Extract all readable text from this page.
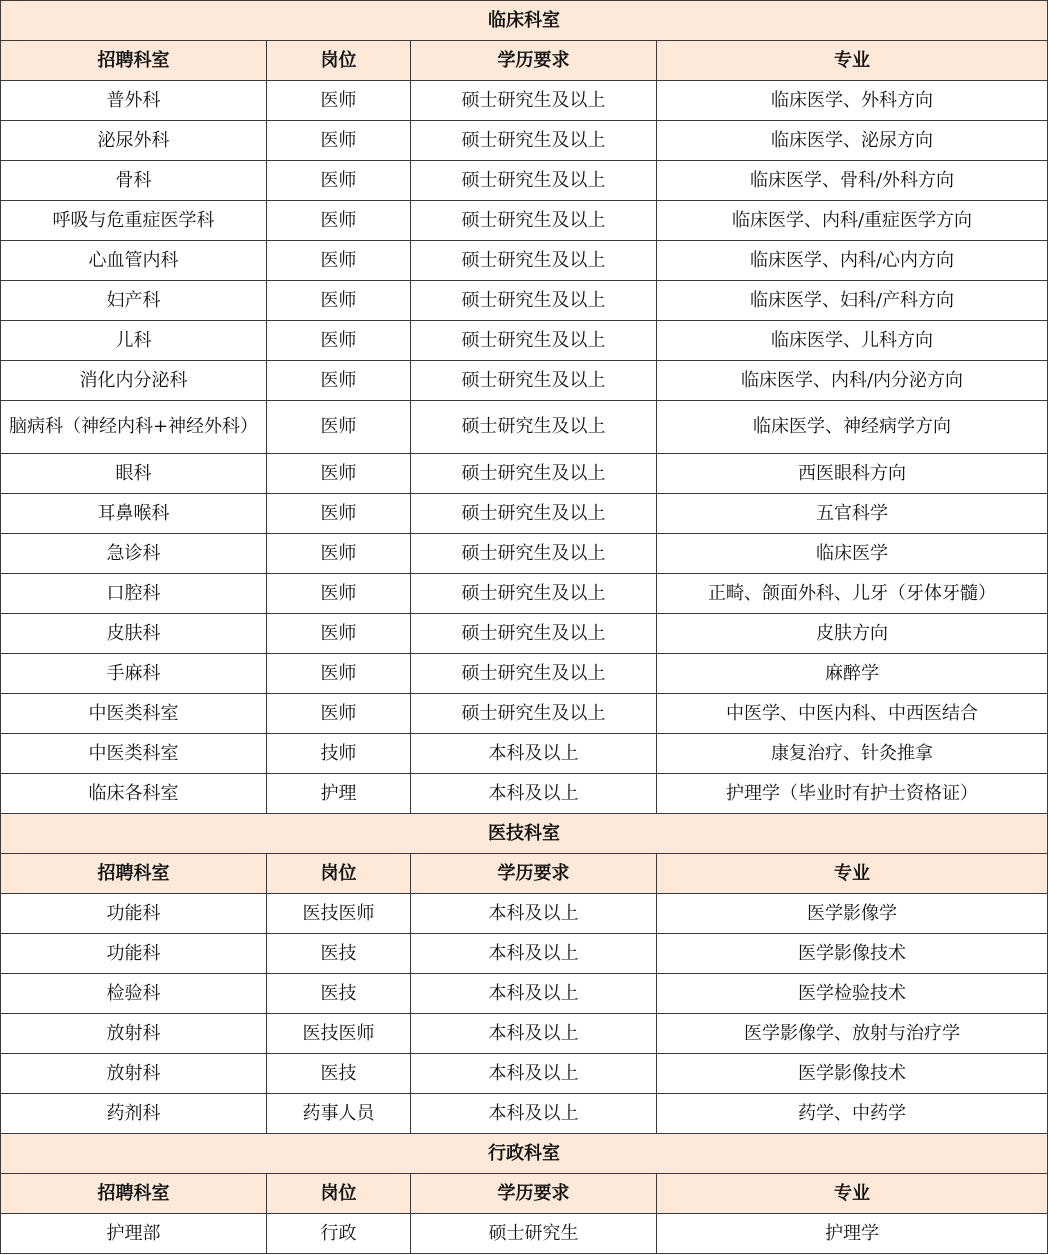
临床科室			
招聘科室	岗位	学历要求	专业
普外科	医师	硕士研究生及以上	临床医学、外科方向
泌尿外科	医师	硕士研究生及以上	临床医学、泌尿方向
骨科	医师	硕士研究生及以上	临床医学、骨科/外科方向
呼吸与危重症医学科	医师	硕士研究生及以上	临床医学、内科/重症医学方向
心血管内科	医师	硕士研究生及以上	临床医学、内科/心内方向
妇产科	医师	硕士研究生及以上	临床医学、妇科/产科方向
儿科	医师	硕士研究生及以上	临床医学、儿科方向
消化内分泌科	医师	硕士研究生及以上	临床医学、内科/内分泌方向
脑病科（神经内科+神经外科）	医师	硕士研究生及以上	临床医学、神经病学方向
眼科	医师	硕士研究生及以上	西医眼科方向
耳鼻喉科	医师	硕士研究生及以上	五官科学
急诊科	医师	硕士研究生及以上	临床医学
口腔科	医师	硕士研究生及以上	正畸、颌面外科、儿牙（牙体牙髓）
皮肤科	医师	硕士研究生及以上	皮肤方向
手麻科	医师	硕士研究生及以上	麻醉学
中医类科室	医师	硕士研究生及以上	中医学、中医内科、中西医结合
中医类科室	技师	本科及以上	康复治疗、针灸推拿
临床各科室	护理	本科及以上	护理学（毕业时有护士资格证）
医技科室			
招聘科室	岗位	学历要求	专业
功能科	医技医师	本科及以上	医学影像学
功能科	医技	本科及以上	医学影像技术
检验科	医技	本科及以上	医学检验技术
放射科	医技医师	本科及以上	医学影像学、放射与治疗学
放射科	医技	本科及以上	医学影像技术
药剂科	药事人员	本科及以上	药学、中药学
行政科室			
招聘科室	岗位	学历要求	专业
护理部	行政	硕士研究生	护理学
